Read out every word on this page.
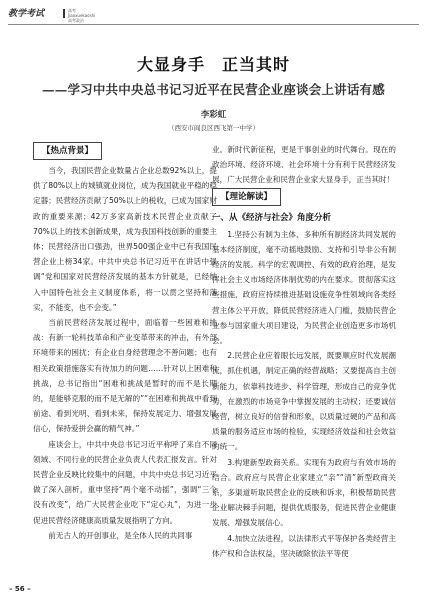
教学考试	高考
Jiaoxuekaoshi
高考政治
大显身手　正当其时
——学习中共中央总书记习近平在民营企业座谈会上讲话有感
李彩虹
（西安市阎良区西飞第一中学）
【热点背景】

当今，我国民营企业数量占企业总数92%以上，提供了80%以上的城镇就业岗位，成为我国就业平稳的稳定器；民营经济贡献了50%以上的税收，已成为国家财政的重要来源；42万多家高新技术民营企业贡献了70%以上的技术创新成果，成为我国科技创新的重要主体；民营经济出口强劲，世界500强企业中已有我国民营企业上榜34家。中共中央总书记习近平在讲话中强调“党和国家对民营经济发展的基本方针就是，已经纳入中国特色社会主义制度体系，将一以贯之坚持和落实，不能变，也不会变。”

当前民营经济发展过程中，面临着一些困难和挑战：有新一轮科技革命和产业变革带来的冲击，有外部环境带来的困扰；有企业自身经营理念不善问题；也有相关政策措施落实有待加力的问题……针对以上困难和挑战，总书记指出“困难和挑战是暂时的而不是长期的，是能够克服的而不是无解的”“在困难和挑战中看到前途、看到光明、看到未来，保持发展定力、增强发展信心，保持爱拼会赢的精气神。”

座谈会上，中共中央总书记习近平称呼了来自不同领域、不同行业的民营企业负责人代表汇报发言。针对民营企业反映比较集中的问题，中共中央总书记习近平做了深入剖析，重申坚持“两个毫不动摇”，强调“三个没有改变”，给广大民营企业吃下“定心丸”，为进一步促进民营经济健康高质量发展指明了方向。

前无古人的开创事业，是全体人民的共同事

业。新时代新征程，更是干事创业的时代舞台。现在的政治环境、经济环境、社会环境十分有利于民营经济发展，广大民营企业和民营企业家大显身手，正当其时！

【理论解读】
一、从《经济与社会》角度分析

1.坚持公有制为主体、多种所有制经济共同发展的基本经济制度，毫不动摇地鼓励、支持和引导非公有制经济的发展。科学的宏观调控、有效的政府治理，是发挥社会主义市场经济体制优势的内在要求。贯彻落实这些措施，政府应持续推进基础设施竞争性领域向各类经营主体公平开放，降低民营经济进入门槛，鼓励民营企业参与国家重大项目建设，为民营企业创造更多市场机会。

2.民营企业应着眼长远发展，既要顺应时代发展潮流，抓住机遇，制定正确的经营战略；又要提高自主创新能力，依靠科技进步、科学管理，形成自己的竞争优势，在激烈的市场竞争中掌握发展的主动权；还要诚信经营，树立良好的信誉和形象，以质量过硬的产品和高质量的服务适应市场的检验，实现经济效益和社会效益的统一。

3.构建新型政商关系。实现有为政府与有效市场的结合。政府应与民营企业家建立“亲”“清”新型政商关系，多渠道听取民营企业的反映和诉求，积极帮助民营企业解决棘手问题，提供优质服务，促进民营企业健康发展、增强发展信心。

4.加快立法进程，以法律形式平等保护各类经营主体产权和合法权益，坚决破除依法平等使

– 56 –
